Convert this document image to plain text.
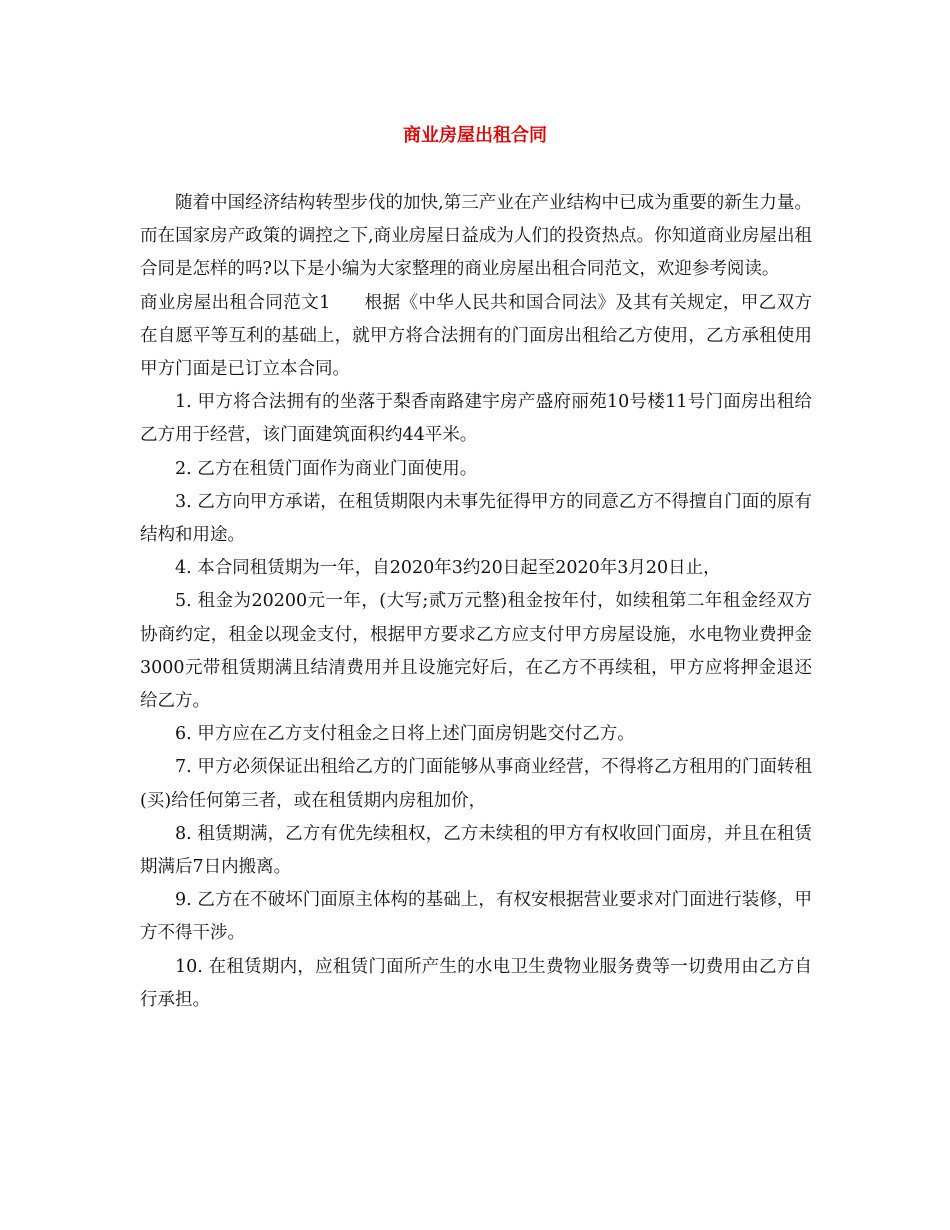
商业房屋出租合同

随着中国经济结构转型步伐的加快,第三产业在产业结构中已成为重要的新生力量。而在国家房产政策的调控之下,商业房屋日益成为人们的投资热点。你知道商业房屋出租合同是怎样的吗?以下是小编为大家整理的商业房屋出租合同范文，欢迎参考阅读。

商业房屋出租合同范文1 根据《中华人民共和国合同法》及其有关规定，甲乙双方在自愿平等互利的基础上，就甲方将合法拥有的门面房出租给乙方使用，乙方承租使用甲方门面是已订立本合同。

1. 甲方将合法拥有的坐落于梨香南路建宇房产盛府丽苑10号楼11号门面房出租给乙方用于经营，该门面建筑面积约44平米。

2. 乙方在租赁门面作为商业门面使用。

3. 乙方向甲方承诺，在租赁期限内未事先征得甲方的同意乙方不得擅自门面的原有结构和用途。

4. 本合同租赁期为一年，自2020年3约20日起至2020年3月20日止，

5. 租金为20200元一年，(大写;贰万元整)租金按年付，如续租第二年租金经双方协商约定，租金以现金支付，根据甲方要求乙方应支付甲方房屋设施，水电物业费押金3000元带租赁期满且结清费用并且设施完好后，在乙方不再续租，甲方应将押金退还给乙方。

6. 甲方应在乙方支付租金之日将上述门面房钥匙交付乙方。

7. 甲方必须保证出租给乙方的门面能够从事商业经营，不得将乙方租用的门面转租(买)给任何第三者，或在租赁期内房租加价，

8. 租赁期满，乙方有优先续租权，乙方未续租的甲方有权收回门面房，并且在租赁期满后7日内搬离。

9. 乙方在不破坏门面原主体构的基础上，有权安根据营业要求对门面进行装修，甲方不得干涉。

10. 在租赁期内，应租赁门面所产生的水电卫生费物业服务费等一切费用由乙方自行承担。
